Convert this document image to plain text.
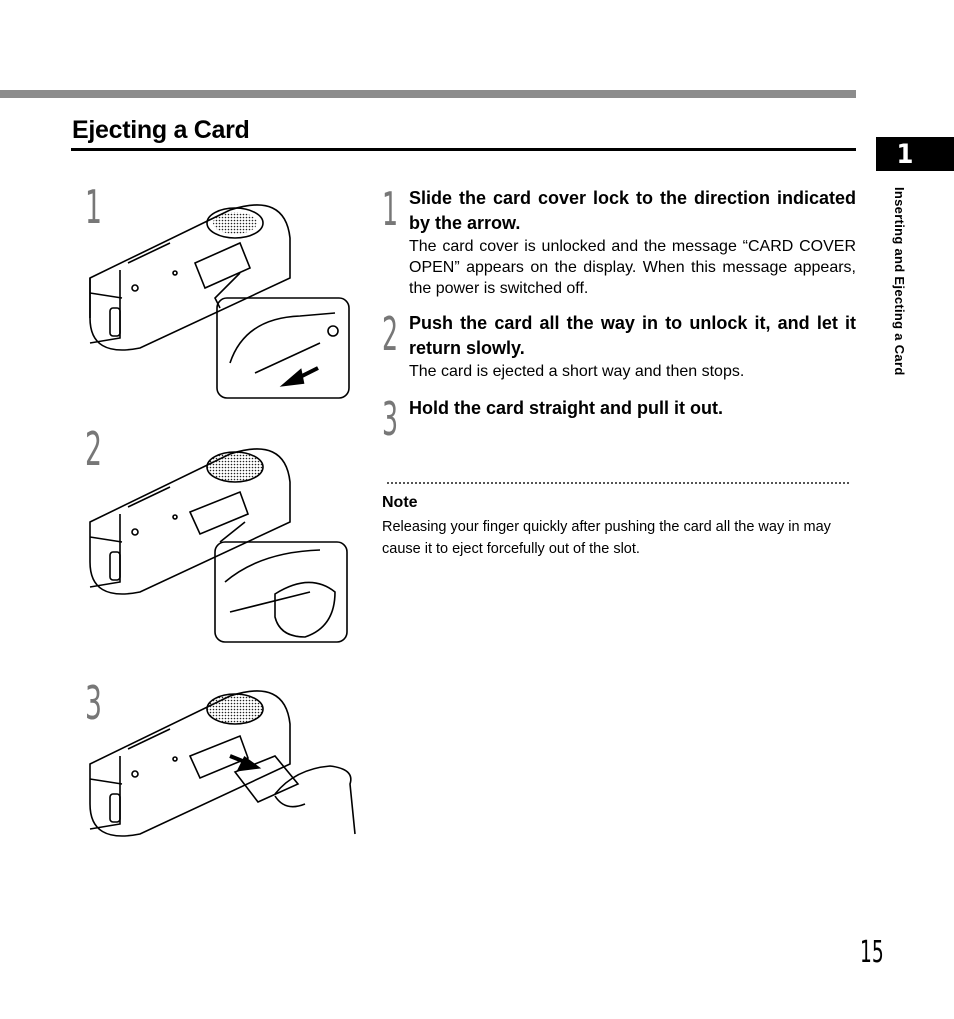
Ejecting a Card
1
Inserting and Ejecting a Card
1
2
3
1 Slide the card cover lock to the direction indicated by the arrow.
The card cover is unlocked and the message “CARD COVER OPEN” appears on the display. When this message appears, the power is switched off.
2 Push the card all the way in to unlock it, and let it return slowly.
The card is ejected a short way and then stops.
3 Hold the card straight and pull it out.
Note
Releasing your finger quickly after pushing the card all the way in may cause it to eject forcefully out of the slot.
15
